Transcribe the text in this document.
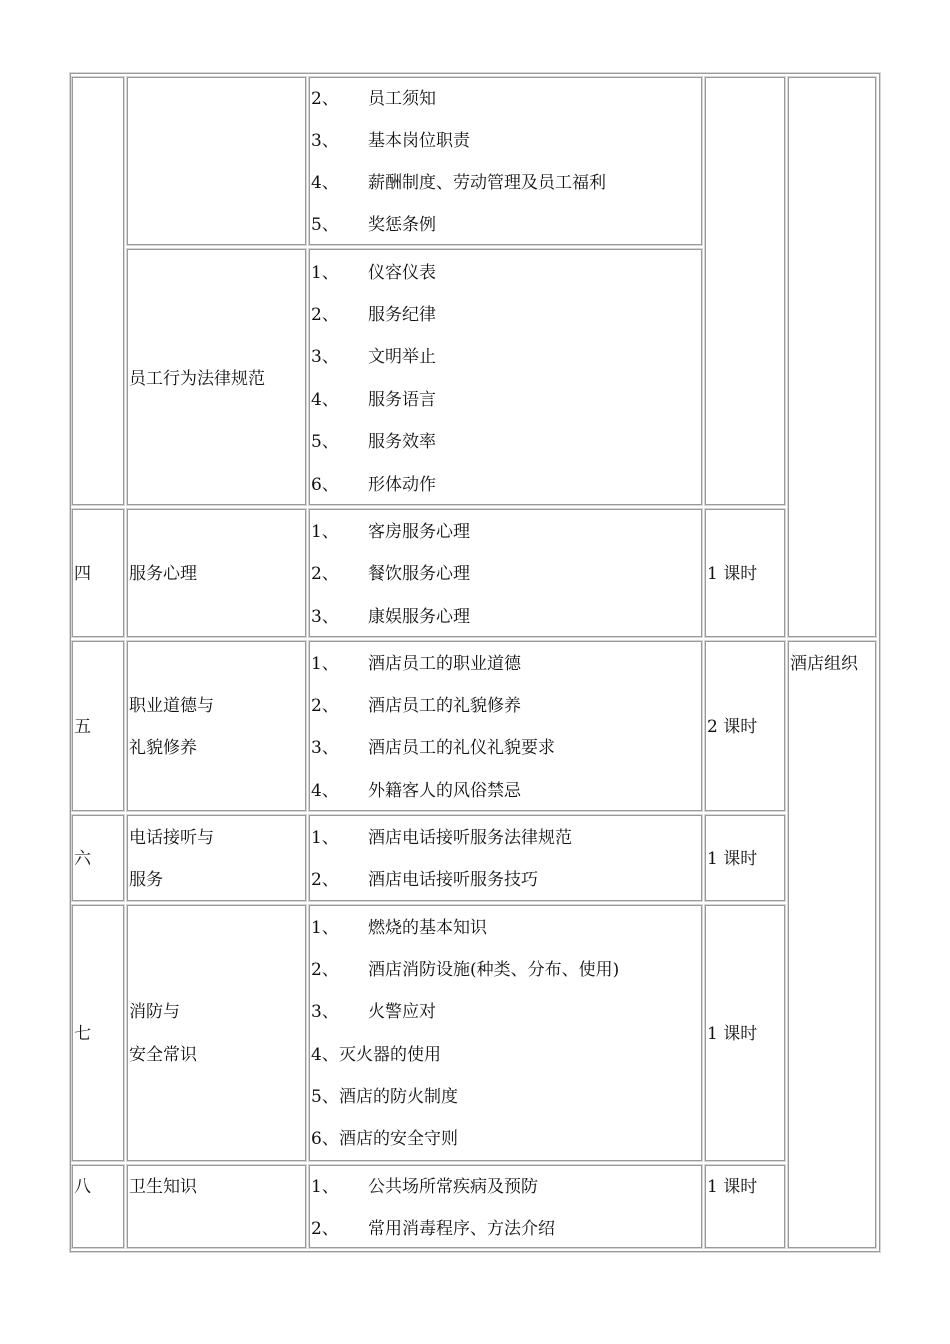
酒店组织
2、 员工须知
3、 基本岗位职责
4、 薪酬制度、劳动管理及员工福利
5、 奖惩条例
员工行为法律规范
1、 仪容仪表
2、 服务纪律
3、 文明举止
4、 服务语言
5、 服务效率
6、 形体动作
四 服务心理
1、 客房服务心理
2、 餐饮服务心理
3、 康娱服务心理
1 课时
五
职业道德与
礼貌修养
1、 酒店员工的职业道德
2、 酒店员工的礼貌修养
3、 酒店员工的礼仪礼貌要求
4、 外籍客人的风俗禁忌
2 课时
六
电话接听与
服务
1、 酒店电话接听服务法律规范
2、 酒店电话接听服务技巧
1 课时
七
消防与
安全常识
1、 燃烧的基本知识
2、 酒店消防设施(种类、分布、使用)
3、 火警应对
4、 灭火器的使用
5、 酒店的防火制度
6、 酒店的安全守则
1 课时
八 卫生知识	1、 公共场所常疾病及预防
2、 常用消毒程序、方法介绍
1 课时
